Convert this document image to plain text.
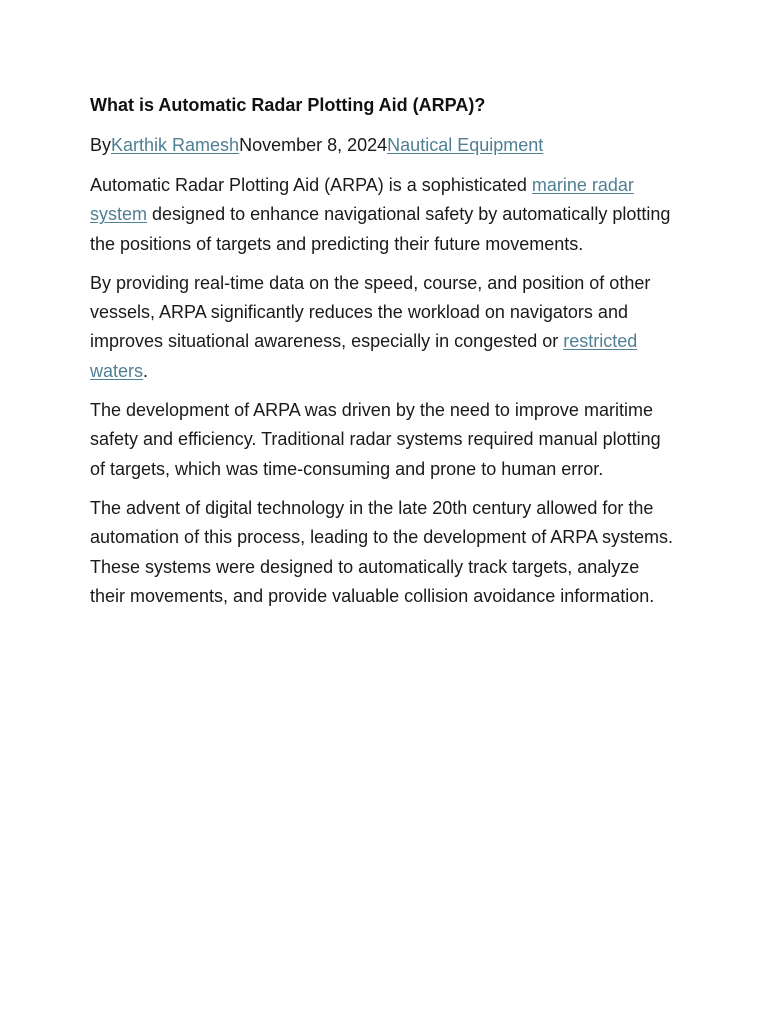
What is Automatic Radar Plotting Aid (ARPA)?
ByKarthik RameshNovember 8, 2024Nautical Equipment

Automatic Radar Plotting Aid (ARPA) is a sophisticated marine radar system designed to enhance navigational safety by automatically plotting the positions of targets and predicting their future movements.

By providing real-time data on the speed, course, and position of other vessels, ARPA significantly reduces the workload on navigators and improves situational awareness, especially in congested or restricted waters.

The development of ARPA was driven by the need to improve maritime safety and efficiency. Traditional radar systems required manual plotting of targets, which was time-consuming and prone to human error.

The advent of digital technology in the late 20th century allowed for the automation of this process, leading to the development of ARPA systems. These systems were designed to automatically track targets, analyze their movements, and provide valuable collision avoidance information.
